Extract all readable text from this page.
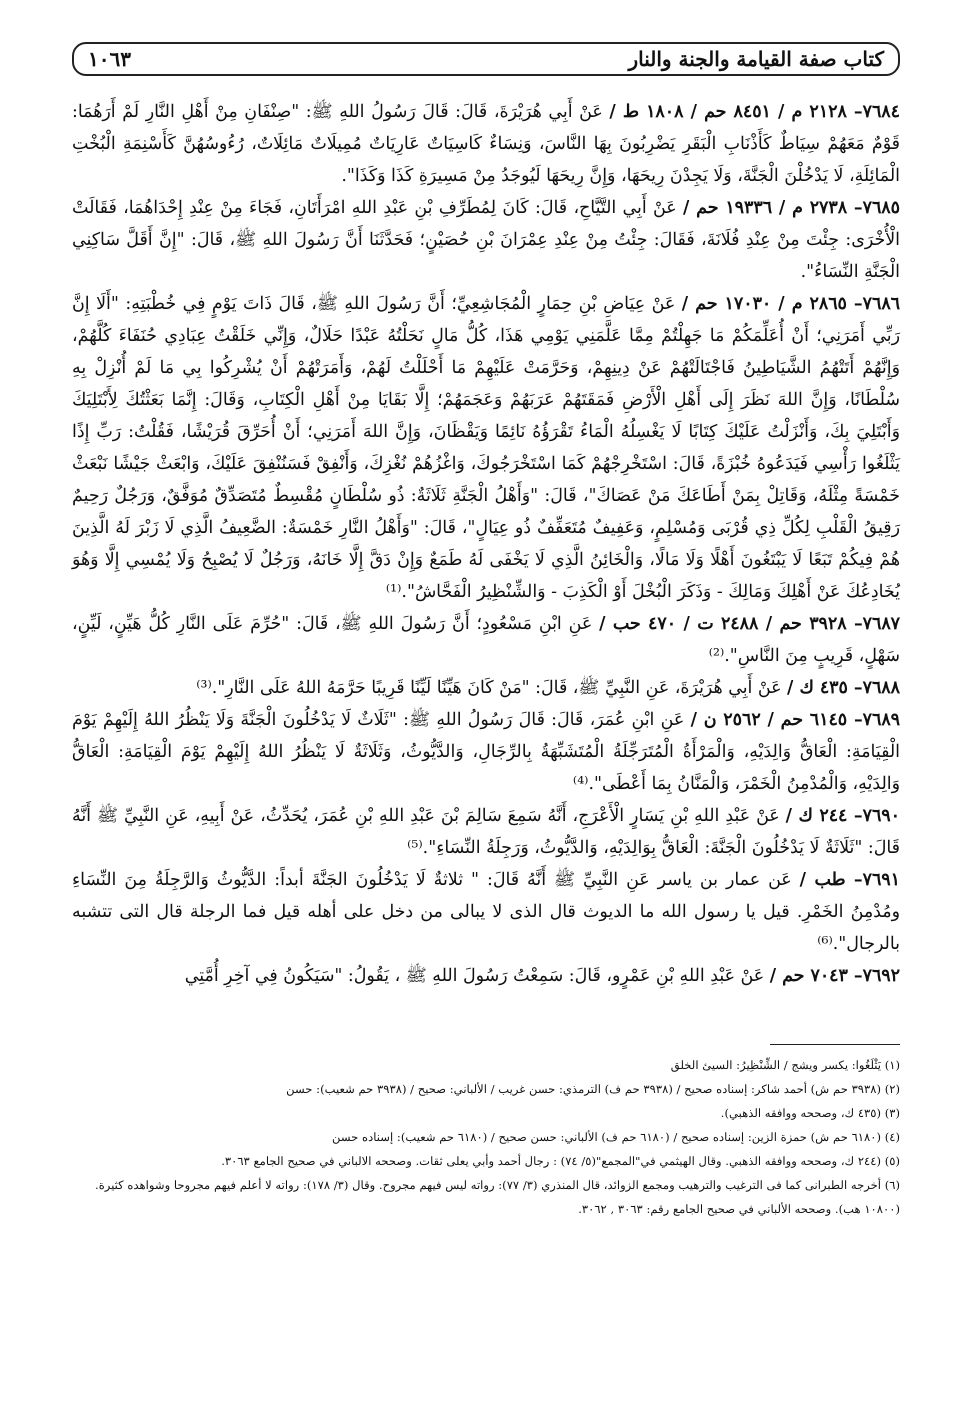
كتاب صفة القيامة والجنة والنار
١٠٦٣

٧٦٨٤– ٢١٢٨ م / ٨٤٥١ حم / ١٨٠٨ ط / عَنْ أَبِي هُرَيْرَةَ، قَالَ: قَالَ رَسُولُ اللهِ ﷺ: "صِنْفَانِ مِنْ أَهْلِ النَّارِ لَمْ أَرَهُمَا: قَوْمٌ مَعَهُمْ سِيَاطٌ كَأَذْنَابِ الْبَقَرِ يَضْرِبُونَ بِهَا النَّاسَ، وَنِسَاءٌ كَاسِيَاتٌ عَارِيَاتٌ مُمِيلَاتٌ مَائِلَاتٌ، رُءُوسُهُنَّ كَأَسْنِمَةِ الْبُخْتِ الْمَائِلَةِ، لَا يَدْخُلْنَ الْجَنَّةَ، وَلَا يَجِدْنَ رِيحَهَا، وَإِنَّ رِيحَهَا لَيُوجَدُ مِنْ مَسِيرَةِ كَذَا وَكَذَا".

٧٦٨٥– ٢٧٣٨ م / ١٩٣٣٦ حم / عَنْ أَبِي التَّيَّاحِ، قَالَ: كَانَ لِمُطَرِّفِ بْنِ عَبْدِ اللهِ امْرَأَتَانِ، فَجَاءَ مِنْ عِنْدِ إِحْدَاهُمَا، فَقَالَتْ الْأُخْرَى: جِئْتَ مِنْ عِنْدِ فُلَانَةَ، فَقَالَ: جِئْتُ مِنْ عِنْدِ عِمْرَانَ بْنِ حُصَيْنٍ؛ فَحَدَّثَنَا أَنَّ رَسُولَ اللهِ ﷺ، قَالَ: "إِنَّ أَقَلَّ سَاكِنِي الْجَنَّةِ النِّسَاءُ".

٧٦٨٦– ٢٨٦٥ م / ١٧٠٣٠ حم / عَنْ عِيَاضِ بْنِ حِمَارٍ الْمُجَاشِعِيِّ؛ أَنَّ رَسُولَ اللهِ ﷺ، قَالَ ذَاتَ يَوْمٍ فِي خُطْبَتِهِ: "أَلَا إِنَّ رَبِّي أَمَرَنِي؛ أَنْ أُعَلِّمَكُمْ مَا جَهِلْتُمْ مِمَّا عَلَّمَنِي يَوْمِي هَذَا، كُلُّ مَالٍ نَحَلْتُهُ عَبْدًا حَلَالٌ، وَإِنِّي خَلَقْتُ عِبَادِي حُنَفَاءَ كُلَّهُمْ، وَإِنَّهُمْ أَتَتْهُمُ الشَّيَاطِينُ فَاجْتَالَتْهُمْ عَنْ دِينِهِمْ، وَحَرَّمَتْ عَلَيْهِمْ مَا أَحْلَلْتُ لَهُمْ، وَأَمَرَتْهُمْ أَنْ يُشْرِكُوا بِي مَا لَمْ أُنْزِلْ بِهِ سُلْطَانًا، وَإِنَّ اللهَ نَظَرَ إِلَى أَهْلِ الْأَرْضِ فَمَقَتَهُمْ عَرَبَهُمْ وَعَجَمَهُمْ؛ إِلَّا بَقَايَا مِنْ أَهْلِ الْكِتَابِ، وَقَالَ: إِنَّمَا بَعَثْتُكَ لِأَبْتَلِيَكَ وَأَبْتَلِيَ بِكَ، وَأَنْزَلْتُ عَلَيْكَ كِتَابًا لَا يَغْسِلُهُ الْمَاءُ تَقْرَؤُهُ نَائِمًا وَيَقْظَانَ، وَإِنَّ اللهَ أَمَرَنِي؛ أَنْ أُحَرِّقَ قُرَيْشًا، فَقُلْتُ: رَبِّ إِذًا يَثْلَغُوا رَأْسِي فَيَدَعُوهُ خُبْزَةً، قَالَ: اسْتَخْرِجْهُمْ كَمَا اسْتَخْرَجُوكَ، وَاغْزُهُمْ نُغْزِكَ، وَأَنْفِقْ فَسَنُنْفِقَ عَلَيْكَ، وَابْعَثْ جَيْشًا نَبْعَثْ خَمْسَةً مِثْلَهُ، وَقَاتِلْ بِمَنْ أَطَاعَكَ مَنْ عَصَاكَ"، قَالَ: "وَأَهْلُ الْجَنَّةِ ثَلَاثَةٌ: ذُو سُلْطَانٍ مُقْسِطٌ مُتَصَدِّقٌ مُوَفَّقٌ، وَرَجُلٌ رَحِيمٌ رَقِيقُ الْقَلْبِ لِكُلِّ ذِي قُرْبَى وَمُسْلِمٍ، وَعَفِيفٌ مُتَعَفِّفٌ ذُو عِيَالٍ"، قَالَ: "وَأَهْلُ النَّارِ خَمْسَةٌ: الضَّعِيفُ الَّذِي لَا زَبْرَ لَهُ الَّذِينَ هُمْ فِيكُمْ تَبَعًا لَا يَبْتَغُونَ أَهْلًا وَلَا مَالًا، وَالْخَائِنُ الَّذِي لَا يَخْفَى لَهُ طَمَعٌ وَإِنْ دَقَّ إِلَّا خَانَهُ، وَرَجُلٌ لَا يُصْبِحُ وَلَا يُمْسِي إِلَّا وَهُوَ يُخَادِعُكَ عَنْ أَهْلِكَ وَمَالِكَ - وَذَكَرَ الْبُخْلَ أَوْ الْكَذِبَ - وَالشِّنْظِيرُ الْفَحَّاشُ".⁽¹⁾

٧٦٨٧– ٣٩٢٨ حم / ٢٤٨٨ ت / ٤٧٠ حب / عَنِ ابْنِ مَسْعُودٍ؛ أَنَّ رَسُولَ اللهِ ﷺ، قَالَ: "حُرِّمَ عَلَى النَّارِ كُلُّ هَيِّنٍ، لَيِّنٍ، سَهْلٍ، قَرِيبٍ مِنَ النَّاسِ".⁽²⁾

٧٦٨٨– ٤٣٥ ك / عَنْ أَبِي هُرَيْرَةَ، عَنِ النَّبِيِّ ﷺ، قَالَ: "مَنْ كَانَ هَيِّنًا لَيِّنًا قَرِيبًا حَرَّمَهُ اللهُ عَلَى النَّارِ".⁽³⁾

٧٦٨٩– ٦١٤٥ حم / ٢٥٦٢ ن / عَنِ ابْنِ عُمَرَ، قَالَ: قَالَ رَسُولُ اللهِ ﷺ: "ثَلَاثٌ لَا يَدْخُلُونَ الْجَنَّةَ وَلَا يَنْظُرُ اللهُ إِلَيْهِمْ يَوْمَ الْقِيَامَةِ: الْعَاقُّ وَالِدَيْهِ، وَالْمَرْأَةُ الْمُتَرَجِّلَةُ الْمُتَشَبِّهَةُ بِالرِّجَالِ، وَالدَّيُّوثُ، وَثَلَاثَةٌ لَا يَنْظُرُ اللهُ إِلَيْهِمْ يَوْمَ الْقِيَامَةِ: الْعَاقُّ وَالِدَيْهِ، وَالْمُدْمِنُ الْخَمْرَ، وَالْمَنَّانُ بِمَا أَعْطَى".⁽⁴⁾

٧٦٩٠– ٢٤٤ ك / عَنْ عَبْدِ اللهِ بْنِ يَسَارٍ الْأَعْرَجِ، أَنَّهُ سَمِعَ سَالِمَ بْنَ عَبْدِ اللهِ بْنِ عُمَرَ، يُحَدِّثُ، عَنْ أَبِيهِ، عَنِ النَّبِيِّ ﷺ أَنَّهُ قَالَ: "ثَلَاثَةٌ لَا يَدْخُلُونَ الْجَنَّةَ: الْعَاقُّ بِوَالِدَيْهِ، وَالدَّيُّوثُ، وَرَجِلَةُ النِّسَاءِ".⁽⁵⁾

٧٦٩١– طب / عَن عمار بن ياسر عَنِ النَّبِيِّ ﷺ أَنَّهُ قَالَ: " ثلاثةٌ لَا يَدْخُلُونَ الجَنَّةَ أبداً: الدَّيُّوثُ وَالرَّجِلَةُ مِنَ النِّسَاءِ ومُدْمِنُ الخَمْرِ. قيل يا رسول الله ما الديوث قال الذى لا يبالى من دخل على أهله قيل فما الرجلة قال التى تتشبه بالرجال".⁽⁶⁾

٧٦٩٢– ٧٠٤٣ حم / عَنْ عَبْدِ اللهِ بْنِ عَمْرٍو، قَالَ: سَمِعْتُ رَسُولَ اللهِ ﷺ ، يَقُولُ: "سَيَكُونُ فِي آخِرِ أُمَّتِي

(١) يَثْلَغُوا: يكسر ويشج / الشِّنْظِيرُ: السيئ الخلق

(٢) (٣٩٣٨ حم ش) أحمد شاكر: إسناده صحيح / (٣٩٣٨ حم ف) الترمذي: حسن غريب / الألباني: صحيح / (٣٩٣٨ حم شعيب): حسن

(٣) (٤٣٥ ك، وصححه ووافقه الذهبي).

(٤) (٦١٨٠ حم ش) حمزة الزين: إسناده صحيح / (٦١٨٠ حم ف) الألباني: حسن صحيح / (٦١٨٠ حم شعيب): إسناده حسن

(٥) (٢٤٤ ك، وصححه ووافقه الذهبي. وقال الهيثمي في"المجمع"(٥/ ٧٤) : رجال أحمد وأبي يعلى ثقات. وصححه الالباني في صحيح الجامع ٣٠٦٣.

(٦) أخرجه الطبرانى كما فى الترغيب والترهيب ومجمع الزوائد، قال المنذري (٣/ ٧٧): رواته ليس فيهم مجروح. وقال (٣/ ١٧٨): رواته لا أعلم فيهم مجروحا وشواهده كثيرة. (١٠٨٠٠ هب). وصححه الألباني في صحيح الجامع رقم: ٣٠٦٣ , ٣٠٦٢.
